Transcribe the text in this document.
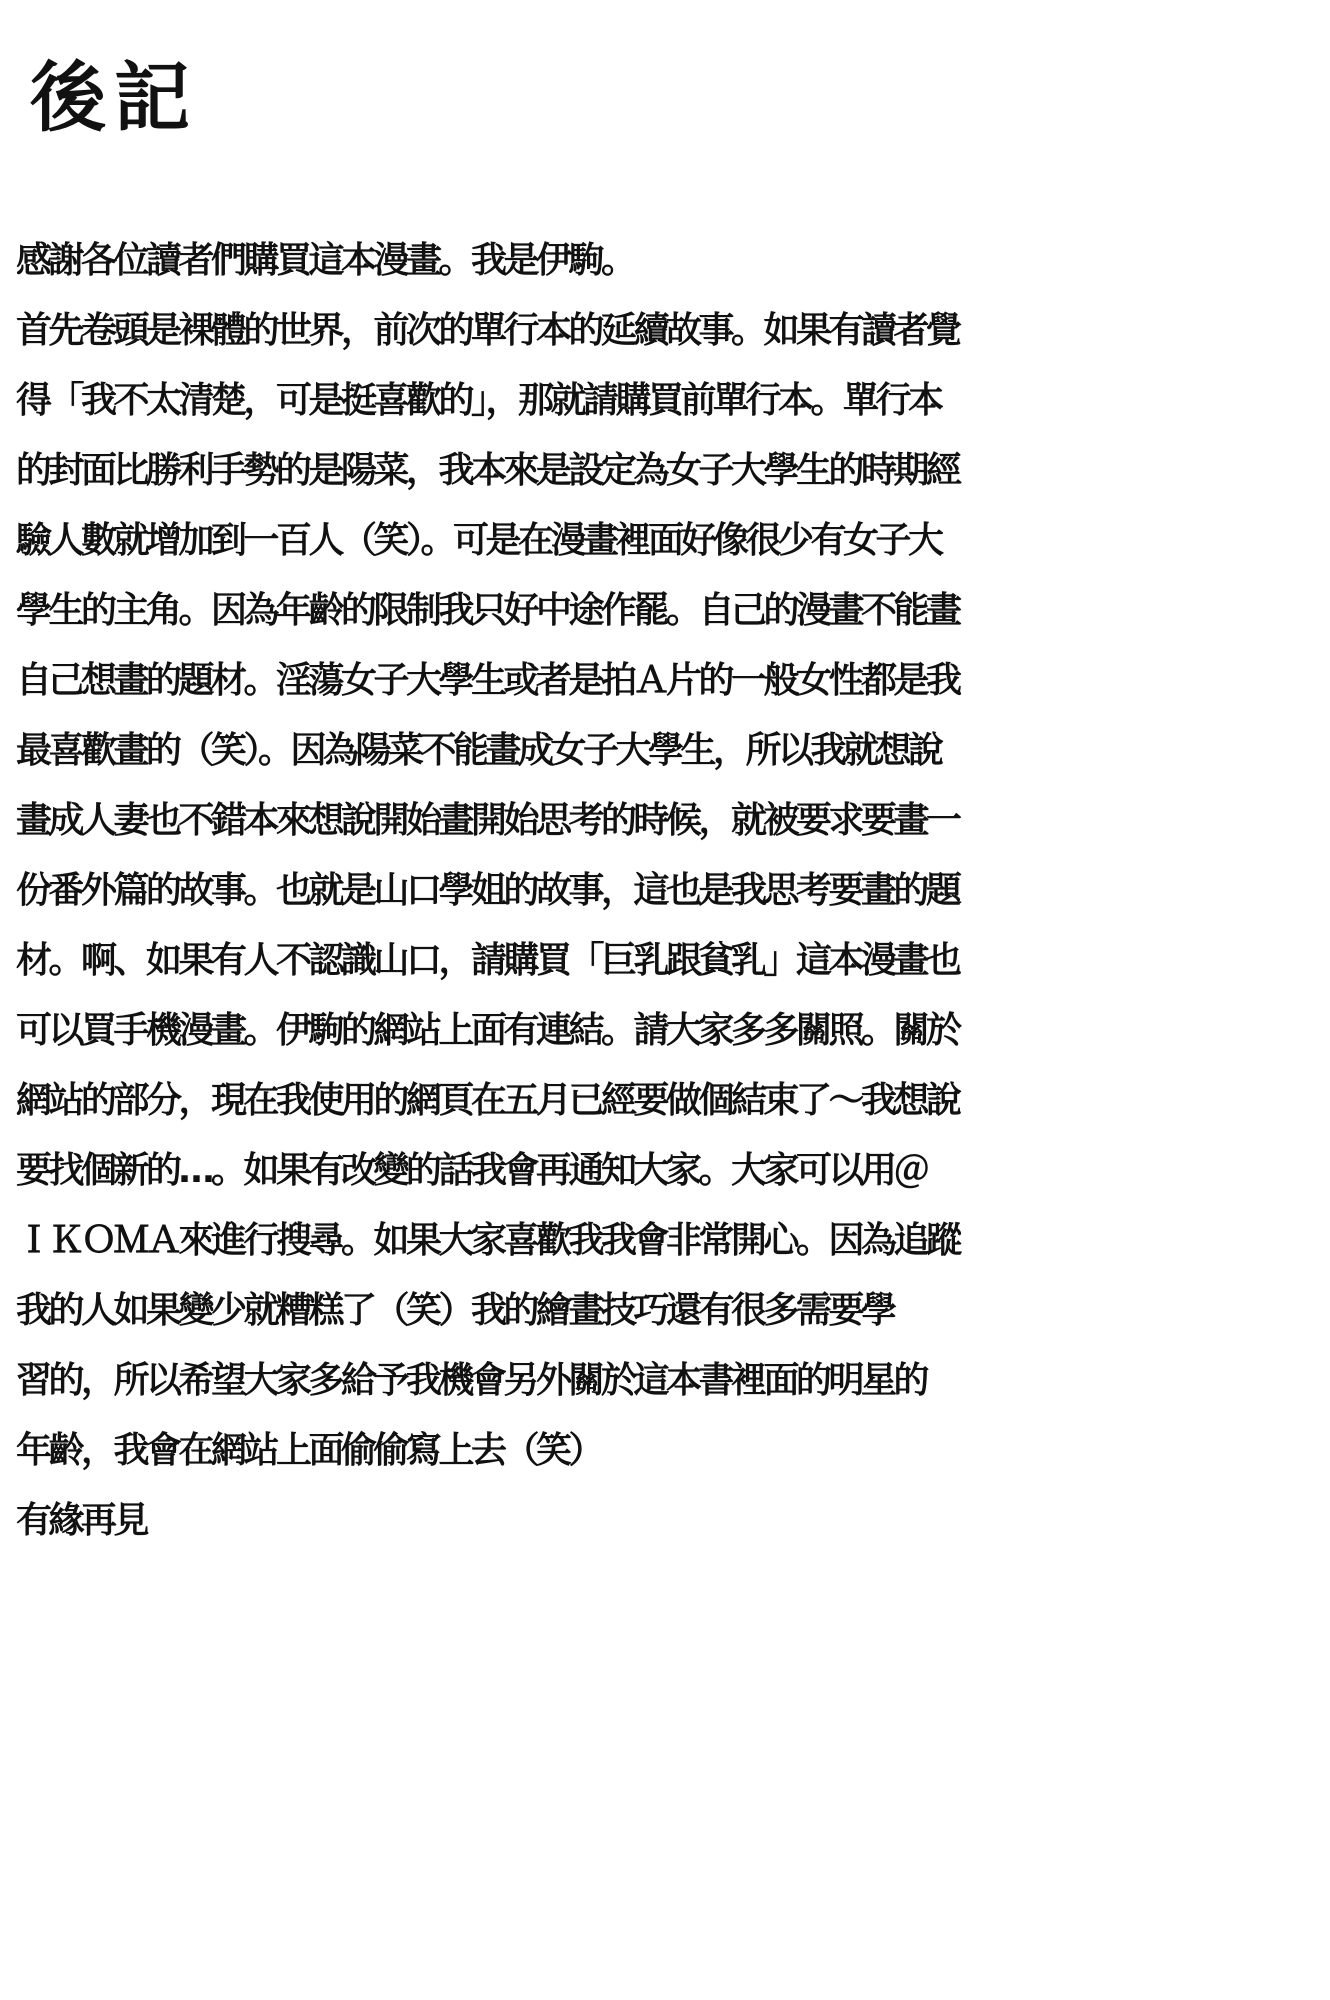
後記
感謝各位讀者們購買這本漫畫。我是伊駒。
首先卷頭是裸體的世界，前次的單行本的延續故事。如果有讀者覺
得「我不太清楚，可是挺喜歡的」，那就請購買前單行本。單行本
的封面比勝利手勢的是陽菜，我本來是設定為女子大學生的時期經
驗人數就增加到一百人（笑）。可是在漫畫裡面好像很少有女子大
學生的主角。因為年齡的限制我只好中途作罷。自己的漫畫不能畫
自己想畫的題材。淫蕩女子大學生或者是拍Ａ片的一般女性都是我
最喜歡畫的（笑）。因為陽菜不能畫成女子大學生，所以我就想說
畫成人妻也不錯本來想說開始畫開始思考的時候，就被要求要畫一
份番外篇的故事。也就是山口學姐的故事，這也是我思考要畫的題
材。啊、如果有人不認識山口，請購買「巨乳跟貧乳」這本漫畫也
可以買手機漫畫。伊駒的網站上面有連結。請大家多多關照。關於
網站的部分，現在我使用的網頁在五月已經要做個結束了～我想說
要找個新的…。如果有改變的話我會再通知大家。大家可以用＠
ＩＫＯＭＡ來進行搜尋。如果大家喜歡我我會非常開心。因為追蹤
我的人如果變少就糟糕了（笑）我的繪畫技巧還有很多需要學
習的，所以希望大家多給予我機會另外關於這本書裡面的明星的
年齡，我會在網站上面偷偷寫上去（笑）
有緣再見
